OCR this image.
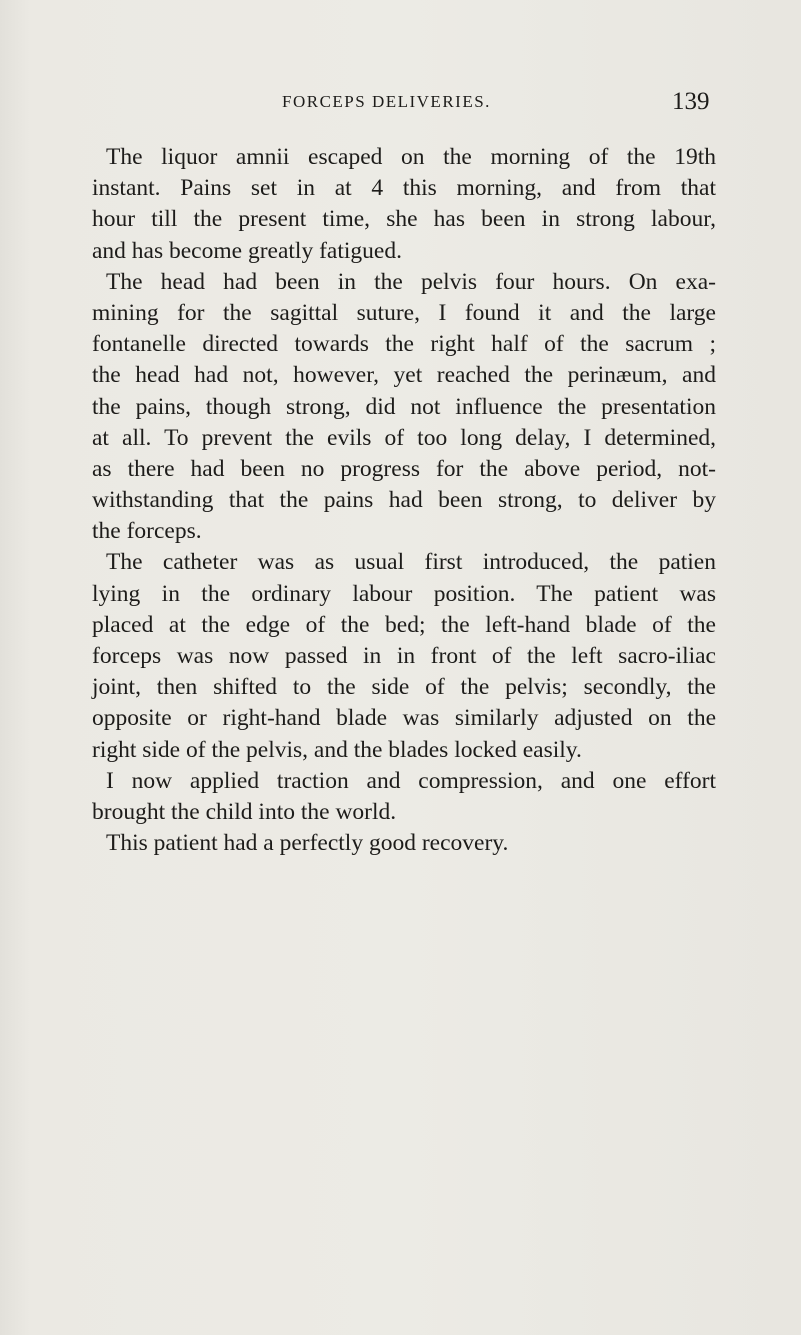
FORCEPS DELIVERIES.	139
The liquor amnii escaped on the morning of the 19th
instant. Pains set in at 4 this morning, and from that
hour till the present time, she has been in strong labour,
and has become greatly fatigued.
The head had been in the pelvis four hours. On exa-
mining for the sagittal suture, I found it and the large
fontanelle directed towards the right half of the sacrum ;
the head had not, however, yet reached the perinæum, and
the pains, though strong, did not influence the presentation
at all. To prevent the evils of too long delay, I determined,
as there had been no progress for the above period, not-
withstanding that the pains had been strong, to deliver by
the forceps.
The catheter was as usual first introduced, the patien
lying in the ordinary labour position. The patient was
placed at the edge of the bed; the left-hand blade of the
forceps was now passed in in front of the left sacro-iliac
joint, then shifted to the side of the pelvis; secondly, the
opposite or right-hand blade was similarly adjusted on the
right side of the pelvis, and the blades locked easily.
I now applied traction and compression, and one effort
brought the child into the world.
This patient had a perfectly good recovery.
